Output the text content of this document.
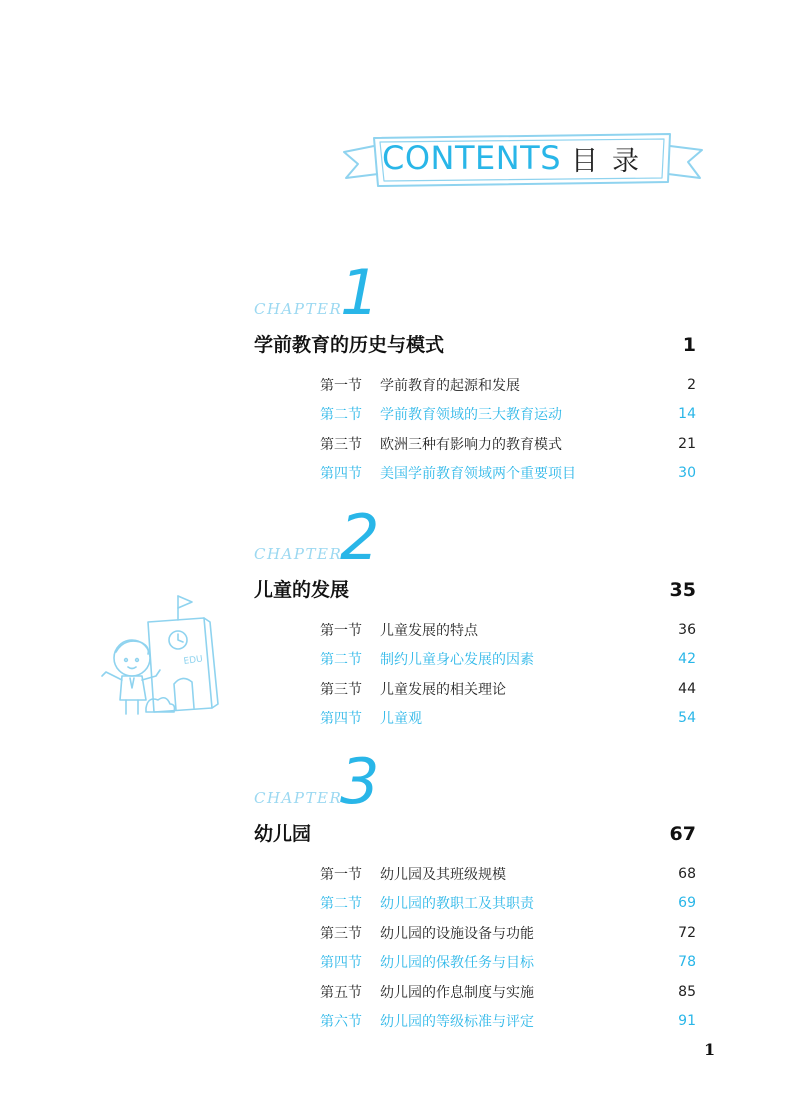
CONTENTS 目录
CHAPTER
1
学前教育的历史与模式	1
第一节	学前教育的起源和发展	2
第二节	学前教育领域的三大教育运动	14
第三节	欧洲三种有影响力的教育模式	21
第四节	美国学前教育领域两个重要项目	30
CHAPTER
2
儿童的发展	35
第一节	儿童发展的特点	36
第二节	制约儿童身心发展的因素	42
第三节	儿童发展的相关理论	44
第四节	儿童观	54
CHAPTER
3
幼儿园	67
第一节	幼儿园及其班级规模	68
第二节	幼儿园的教职工及其职责	69
第三节	幼儿园的设施设备与功能	72
第四节	幼儿园的保教任务与目标	78
第五节	幼儿园的作息制度与实施	85
第六节	幼儿园的等级标准与评定	91
EDU
1
